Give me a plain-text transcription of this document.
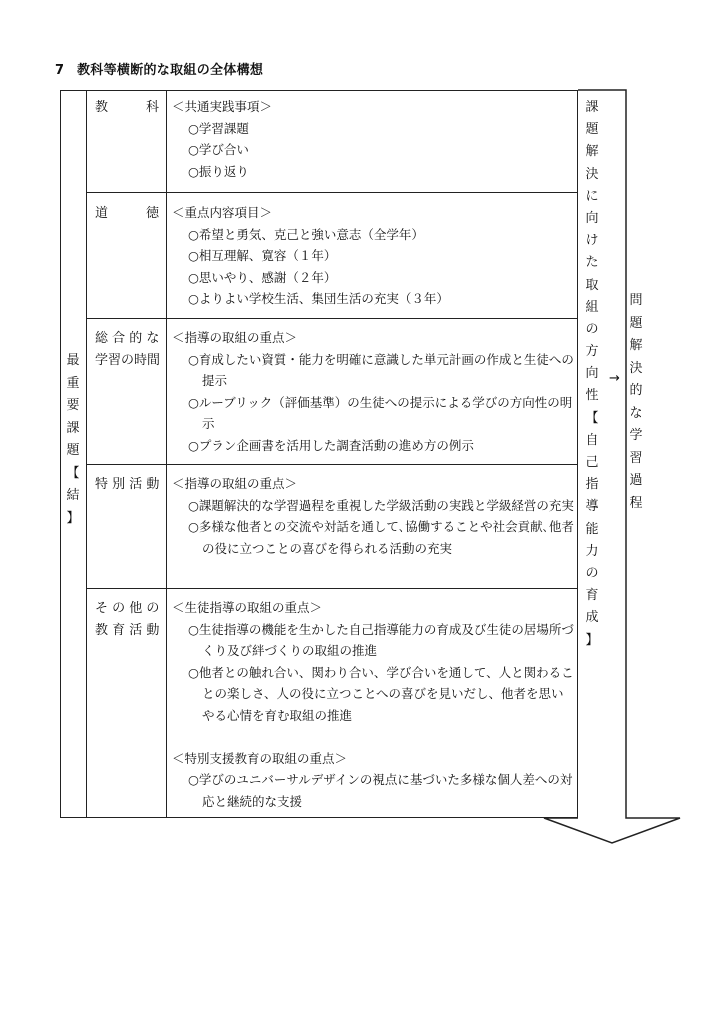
7 教科等横断的な取組の全体構想
最
重
要
課
題
【
結
】
課
題
解
決
に
向
け
た
取
組
の
方
向
性
【
自
己
指
導
能
力
の
育
成
】
→
問
題
解
決
的
な
学
習
過
程
教	科 ＜共通実践事項＞
○学習課題
○学び合い
○振り返り
道	徳 ＜重点内容項目＞
○希望と勇気、克己と強い意志（全学年）
○相互理解、寛容（１年）
○思いやり、感謝（２年）
○よりよい学校生活、集団生活の充実（３年）
総 合 的 な
学習の時間
＜指導の取組の重点＞
○育成したい資質・能力を明確に意識した単元計画の作成と生徒への提示
○ルーブリック（評価基準）の生徒への提示による学びの方向性の明示
○プラン企画書を活用した調査活動の進め方の例示
特 別 活 動 ＜指導の取組の重点＞
○課題解決的な学習過程を重視した学級活動の実践と学級経営の充実
○多様な他者との交流や対話を通して､協働することや社会貢献､他者の役に立つことの喜びを得られる活動の充実
そ の 他 の
教 育 活 動
＜生徒指導の取組の重点＞
○生徒指導の機能を生かした自己指導能力の育成及び生徒の居場所づくり及び絆づくりの取組の推進
○他者との触れ合い、関わり合い、学び合いを通して、人と関わることの楽しさ、人の役に立つことへの喜びを見いだし、他者を思いやる心情を育む取組の推進
＜特別支援教育の取組の重点＞
○学びのユニバーサルデザインの視点に基づいた多様な個人差への対応と継続的な支援
